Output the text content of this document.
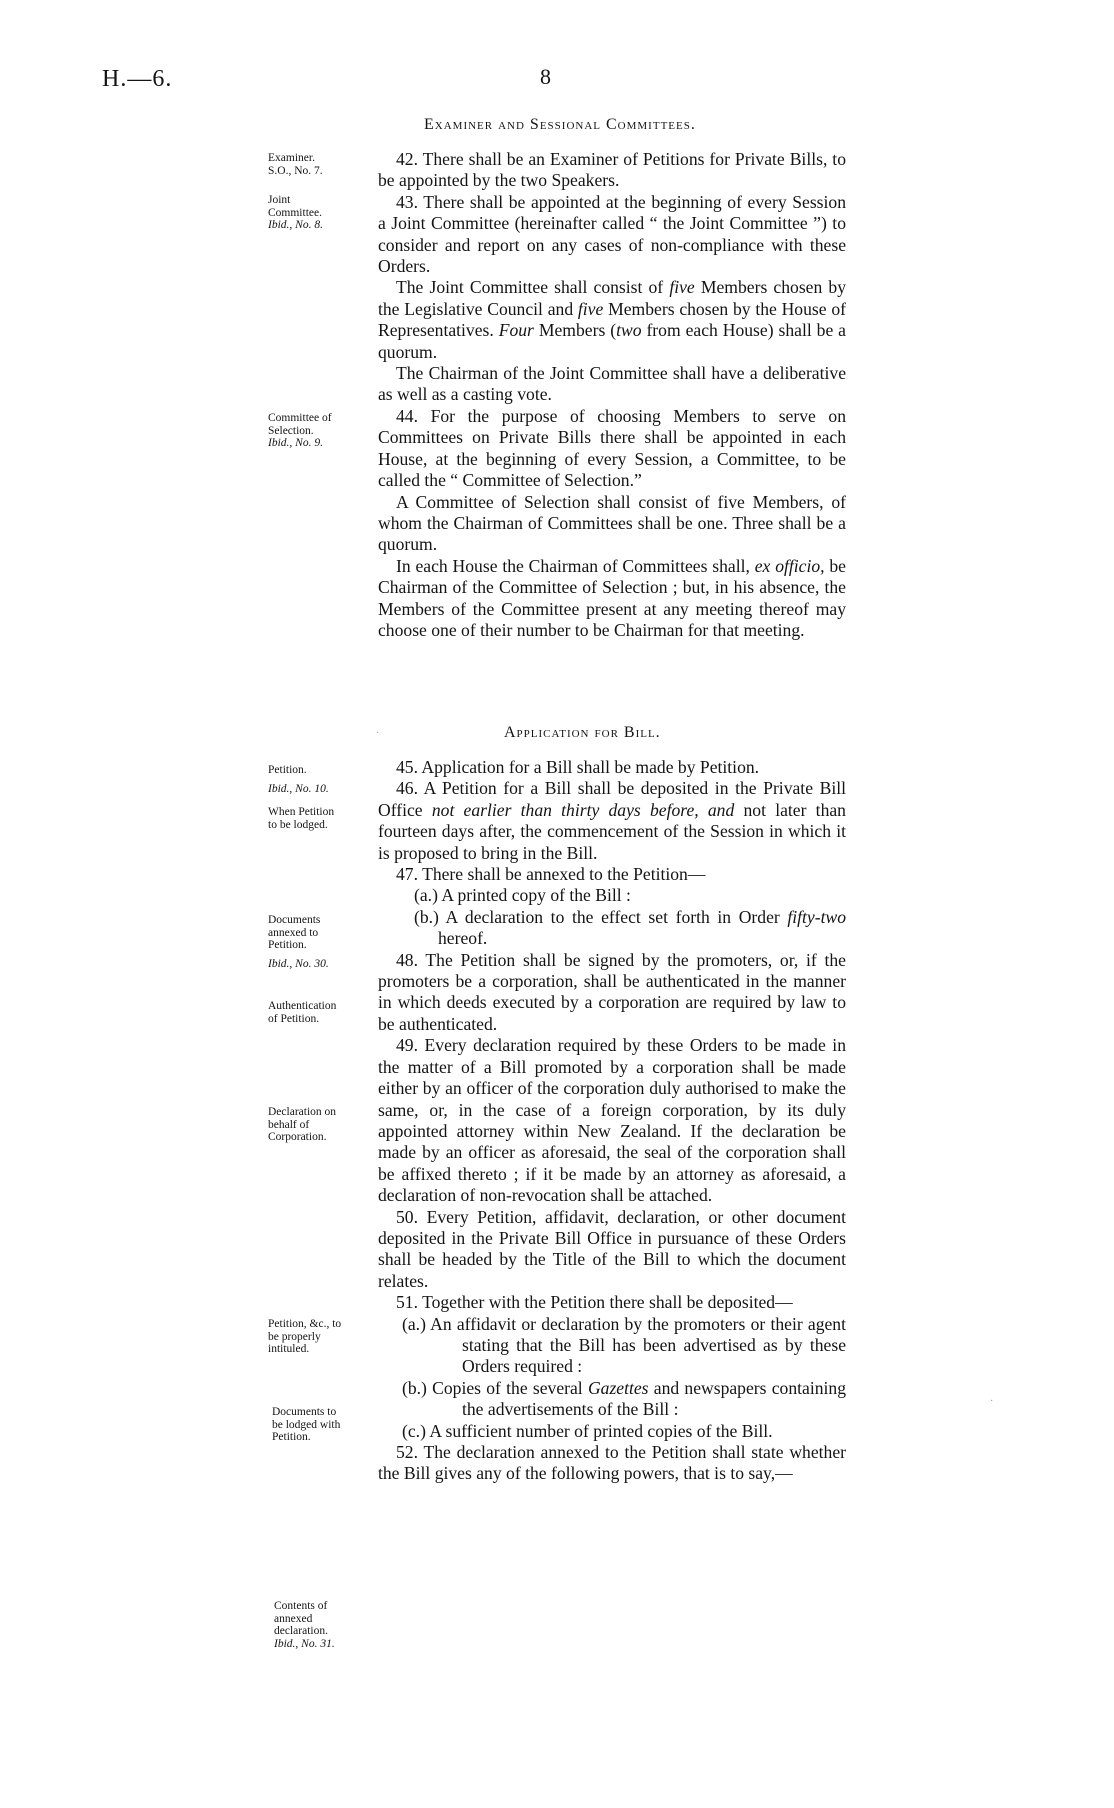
H.—6.	8
Examiner and Sessional Committees.
Examiner.
S.O., No. 7.
Joint
Committee.
Ibid., No. 8.
Committee of
Selection.
Ibid., No. 9.

42. There shall be an Examiner of Petitions for Private Bills, to be appointed by the two Speakers.

43. There shall be appointed at the beginning of every Session a Joint Committee (hereinafter called “ the Joint Committee ”) to consider and report on any cases of non-compliance with these Orders.

The Joint Committee shall consist of five Members chosen by the Legislative Council and five Members chosen by the House of Representatives. Four Members (two from each House) shall be a quorum.

The Chairman of the Joint Committee shall have a deliberative as well as a casting vote.

44. For the purpose of choosing Members to serve on Committees on Private Bills there shall be appointed in each House, at the beginning of every Session, a Committee, to be called the “ Committee of Selection.”

A Committee of Selection shall consist of five Members, of whom the Chairman of Committees shall be one. Three shall be a quorum.

In each House the Chairman of Committees shall, ex officio, be Chairman of the Committee of Selection ; but, in his absence, the Members of the Committee present at any meeting thereof may choose one of their number to be Chairman for that meeting.

Application for Bill.
Petition.
Ibid., No. 10.
When Petition
to be lodged.
Documents
annexed to
Petition.
Ibid., No. 30.
Authentication
of Petition.
Declaration on
behalf of
Corporation.
Petition, &c., to
be properly
intituled.
Documents to
be lodged with
Petition.
Contents of
annexed
declaration.
Ibid., No. 31.

45. Application for a Bill shall be made by Petition.

46. A Petition for a Bill shall be deposited in the Private Bill Office not earlier than thirty days before, and not later than fourteen days after, the commencement of the Session in which it is proposed to bring in the Bill.

47. There shall be annexed to the Petition—

(a.) A printed copy of the Bill :

(b.) A declaration to the effect set forth in Order fifty-two hereof.

48. The Petition shall be signed by the promoters, or, if the promoters be a corporation, shall be authenticated in the manner in which deeds executed by a corporation are required by law to be authenticated.

49. Every declaration required by these Orders to be made in the matter of a Bill promoted by a corporation shall be made either by an officer of the corporation duly authorised to make the same, or, in the case of a foreign corporation, by its duly appointed attorney within New Zealand. If the declaration be made by an officer as aforesaid, the seal of the corporation shall be affixed thereto ; if it be made by an attorney as aforesaid, a declaration of non-revocation shall be attached.

50. Every Petition, affidavit, declaration, or other document deposited in the Private Bill Office in pursuance of these Orders shall be headed by the Title of the Bill to which the document relates.

51. Together with the Petition there shall be deposited—

(a.) An affidavit or declaration by the promoters or their agent stating that the Bill has been advertised as by these Orders required :

(b.) Copies of the several Gazettes and newspapers containing the advertisements of the Bill :

(c.) A sufficient number of printed copies of the Bill.

52. The declaration annexed to the Petition shall state whether the Bill gives any of the following powers, that is to say,—

·
·
